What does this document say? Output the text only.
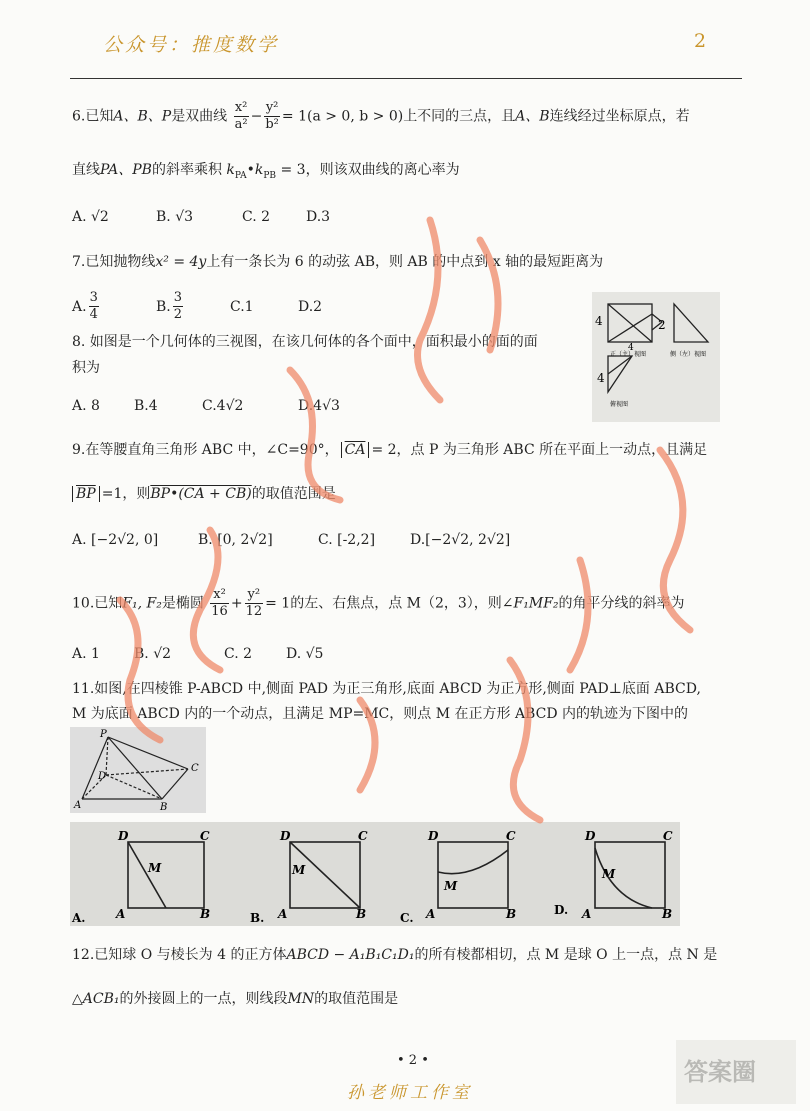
公众号：推度数学	2
6.已知A、B、P是双曲线 $\frac{\text{x²}}{\text{a²}} - \frac{\text{y²}}{\text{b²}} = 1(a > 0$, b > 0)上不同的三点，且A、B连线经过坐标原点，若
直线PA、PB的斜率乘积 $k_{PA}•k_{PB} = 3$，则该双曲线的离心率为
A. √2	B. √3	C. 2	D.3
7.已知抛物线x² = 4y上有一条长为 6 的动弦 AB，则 AB 的中点到 x 轴的最短距离为
A. $\frac{3}{4}$	B. $\frac{3}{2}$	C.1	D.2
8. 如图是一个几何体的三视图，在该几何体的各个面中，面积最小的面的面
积为
A. 8 B.4	C.4√2	D.4√3
4	2
4
正（主）视图	侧（左）视图
4
俯视图
9.在等腰直角三角形 ABC 中，∠C=90°， $\overline{CA} = 2$，点 P 为三角形 ABC 所在平面上一动点，且满足
$\overline{BP} =1$，则BP•(CA + CB)的取值范围是
A. [−2√2, 0]	B. [0, 2√2]	C. [-2,2] D.[−2√2, 2√2]
10.已知F₁, F₂是椭圆 $\frac{\text{x²}}{16} + \frac{\text{y²}}{12} = 1$的左、右焦点，点 M（2，3），则∠F₁MF₂的角平分线的斜率为
A. 1 B. √2	C. 2 D. √5
11.如图,在四棱锥 P-ABCD 中,侧面 PAD 为正三角形,底面 ABCD 为正方形,侧面 PAD⊥底面 ABCD,
M 为底面 ABCD 内的一个动点，且满足 MP=MC，则点 M 在正方形 ABCD 内的轨迹为下图中的
P
D
C
A	B
A.
D	C
M
A	B	B.
D	C
M
A	B	C.
D	C
M
A	B	D.
D	C
M
A	B
12.已知球 O 与棱长为 4 的正方体ABCD − A₁B₁C₁D₁的所有棱都相切，点 M 是球 O 上一点，点 N 是
△ACB₁的外接圆上的一点，则线段MN的取值范围是
• 2 •
孙老师工作室
答案圈
